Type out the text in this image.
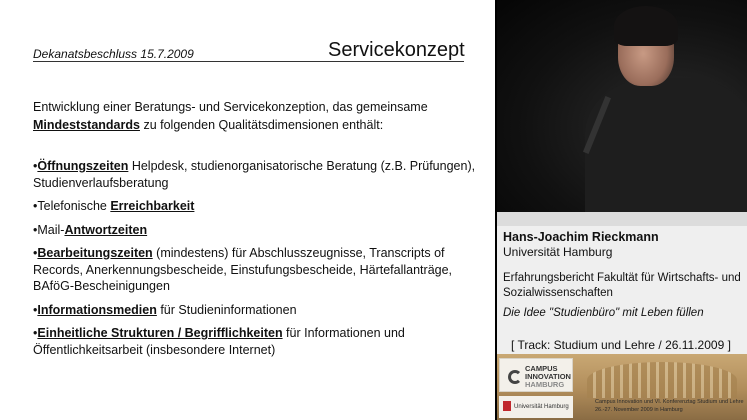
Dekanatsbeschluss 15.7.2009	Servicekonzept
Entwicklung einer Beratungs- und Servicekonzeption, das gemeinsame
Mindeststandards zu folgenden Qualitätsdimensionen enthält:
•Öffnungszeiten Helpdesk, studienorganisatorische Beratung (z.B. Prüfungen), Studienverlaufsberatung
•Telefonische Erreichbarkeit
•Mail-Antwortzeiten
•Bearbeitungszeiten (mindestens) für Abschlusszeugnisse, Transcripts of Records, Anerkennungsbescheide, Einstufungsbescheide, Härtefallanträge, BAföG-Bescheinigungen
•Informationsmedien für Studieninformationen
•Einheitliche Strukturen / Begrifflichkeiten für Informationen und Öffentlichkeitsarbeit (insbesondere Internet)
Hans-Joachim Rieckmann
Universität Hamburg
Erfahrungsbericht Fakultät für Wirtschafts- und
Sozialwissenschaften
Die Idee "Studienbüro" mit Leben füllen
[ Track: Studium und Lehre / 26.11.2009 ]
CAMPUS
INNOVATION
HAMBURG
Universität Hamburg
Campus Innovation und VI. Konferenztag Studium und Lehre
26.-27. November 2009 in Hamburg
